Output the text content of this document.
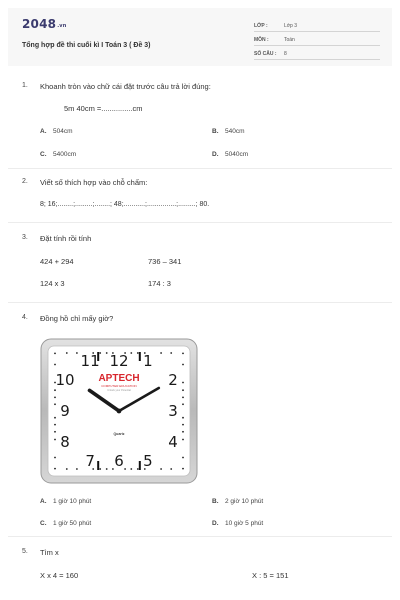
2048.vn
Tổng hợp đề thi cuối kì I Toán 3 ( Đề 3)
LỚP :	Lớp 3
MÔN :	Toán
SỐ CÂU : 8
1. Khoanh tròn vào chữ cái đặt trước câu trả lời đúng:
5m 40cm =...............cm
A. 504cm	B. 540cm
C. 5400cm	D. 5040cm
2. Viết số thích hợp vào chỗ chấm:
8; 16;........;.........;........; 48;...........;...............;.........; 80.
3. Đặt tính rồi tính
424 + 294	736 – 341
124 x 3	174 : 3
4. Đồng hồ chỉ mấy giờ?
12 1
2
3
4
5
6
7
8
9
10
11
APTECH
COMPUTER EDUCATION
Unlock your Potential
Quartz
A. 1 giờ 10 phút	B. 2 giờ 10 phút
C. 1 giờ 50 phút	D. 10 giờ 5 phút
5. Tìm x
X x 4 = 160	X : 5 = 151
